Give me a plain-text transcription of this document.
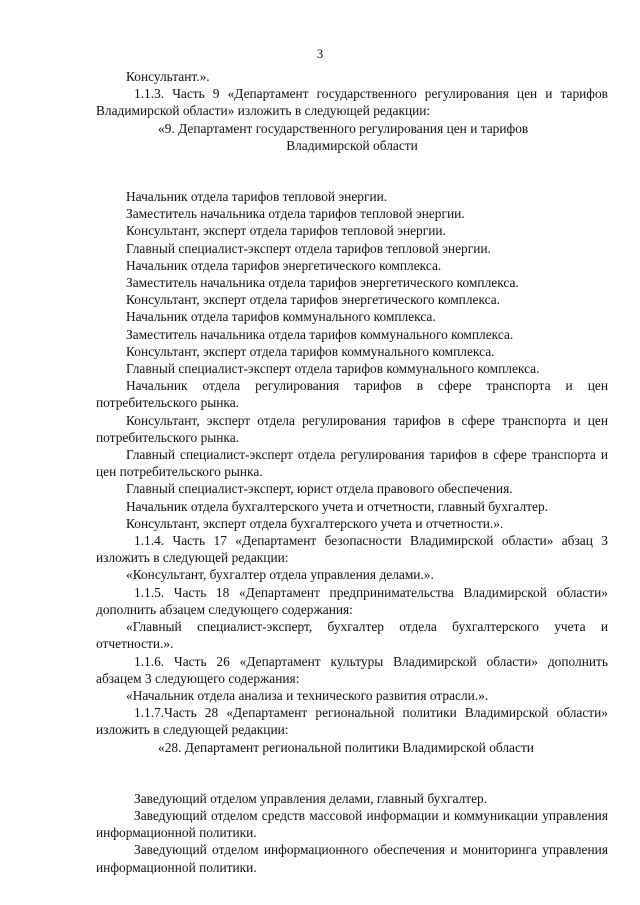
3

Консультант.».

1.1.3. Часть 9 «Департамент государственного регулирования цен и тарифов Владимирской области» изложить в следующей редакции:

«9. Департамент государственного регулирования цен и тарифов

Владимирской области

Начальник отдела тарифов тепловой энергии.

Заместитель начальника отдела тарифов тепловой энергии.

Консультант, эксперт отдела тарифов тепловой энергии.

Главный специалист-эксперт отдела тарифов тепловой энергии.

Начальник отдела тарифов энергетического комплекса.

Заместитель начальника отдела тарифов энергетического комплекса.

Консультант, эксперт отдела тарифов энергетического комплекса.

Начальник отдела тарифов коммунального комплекса.

Заместитель начальника отдела тарифов коммунального комплекса.

Консультант, эксперт отдела тарифов коммунального комплекса.

Главный специалист-эксперт отдела тарифов коммунального комплекса.

Начальник отдела регулирования тарифов в сфере транспорта и цен потребительского рынка.

Консультант, эксперт отдела регулирования тарифов в сфере транспорта и цен потребительского рынка.

Главный специалист-эксперт отдела регулирования тарифов в сфере транспорта и цен потребительского рынка.

Главный специалист-эксперт, юрист отдела правового обеспечения.

Начальник отдела бухгалтерского учета и отчетности, главный бухгалтер.

Консультант, эксперт отдела бухгалтерского учета и отчетности.».

1.1.4. Часть 17 «Департамент безопасности Владимирской области» абзац 3 изложить в следующей редакции:

«Консультант, бухгалтер отдела управления делами.».

1.1.5. Часть 18 «Департамент предпринимательства Владимирской области» дополнить абзацем следующего содержания:

«Главный специалист-эксперт, бухгалтер отдела бухгалтерского учета и отчетности.».

1.1.6. Часть 26 «Департамент культуры Владимирской области» дополнить абзацем 3 следующего содержания:

«Начальник отдела анализа и технического развития отрасли.».

1.1.7.Часть 28 «Департамент региональной политики Владимирской области» изложить в следующей редакции:

«28. Департамент региональной политики Владимирской области

Заведующий отделом управления делами, главный бухгалтер.

Заведующий отделом средств массовой информации и коммуникации управления информационной политики.

Заведующий отделом информационного обеспечения и мониторинга управления информационной политики.
